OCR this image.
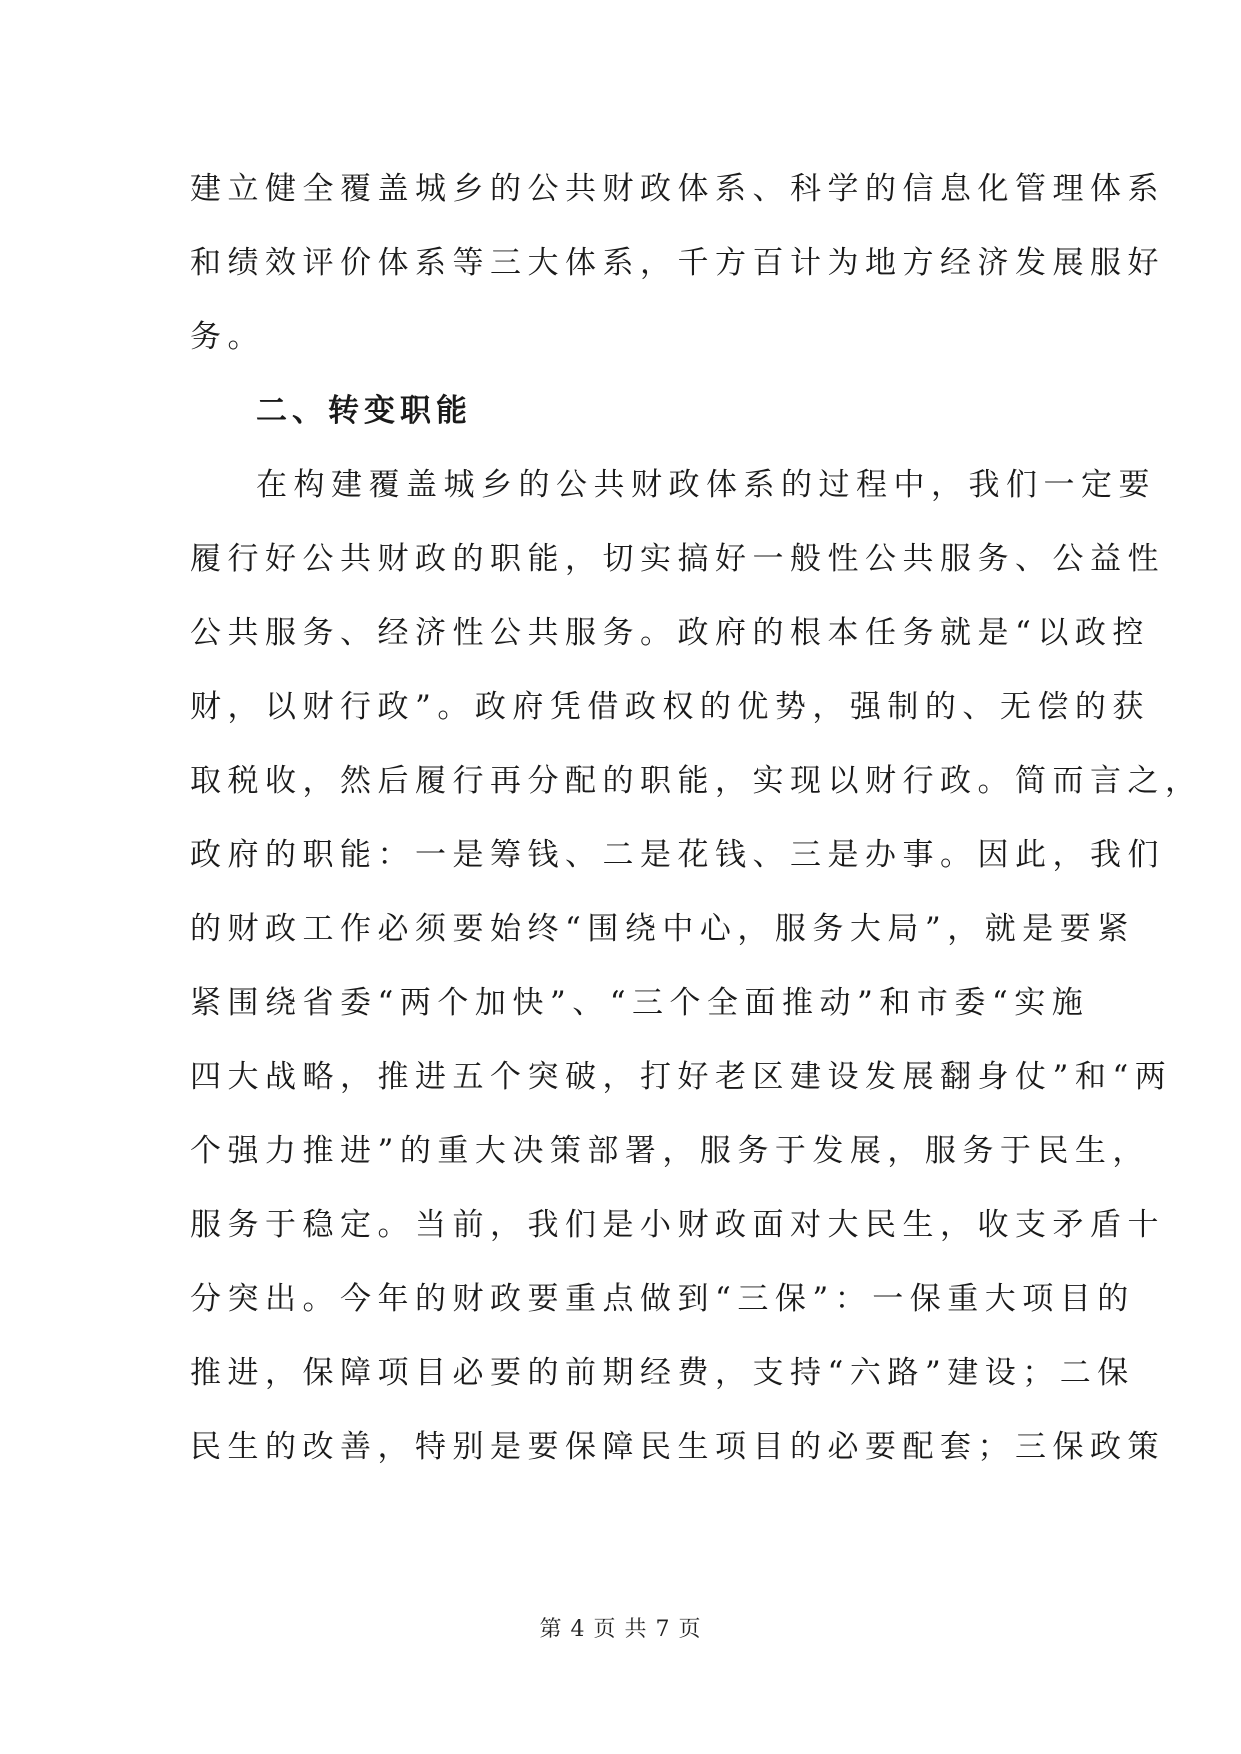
建立健全覆盖城乡的公共财政体系、科学的信息化管理体系
和绩效评价体系等三大体系，千方百计为地方经济发展服好
务。
二、转变职能
在构建覆盖城乡的公共财政体系的过程中，我们一定要
履行好公共财政的职能，切实搞好一般性公共服务、公益性
公共服务、经济性公共服务。政府的根本任务就是“以政控
财，以财行政”。政府凭借政权的优势，强制的、无偿的获
取税收，然后履行再分配的职能，实现以财行政。简而言之，
政府的职能：一是筹钱、二是花钱、三是办事。因此，我们
的财政工作必须要始终“围绕中心，服务大局”，就是要紧
紧围绕省委“两个加快”、“三个全面推动”和市委“实施
四大战略，推进五个突破，打好老区建设发展翻身仗”和“两
个强力推进”的重大决策部署，服务于发展，服务于民生，
服务于稳定。当前，我们是小财政面对大民生，收支矛盾十
分突出。今年的财政要重点做到“三保”：一保重大项目的
推进，保障项目必要的前期经费，支持“六路”建设；二保
民生的改善，特别是要保障民生项目的必要配套；三保政策
第 4 页 共 7 页
